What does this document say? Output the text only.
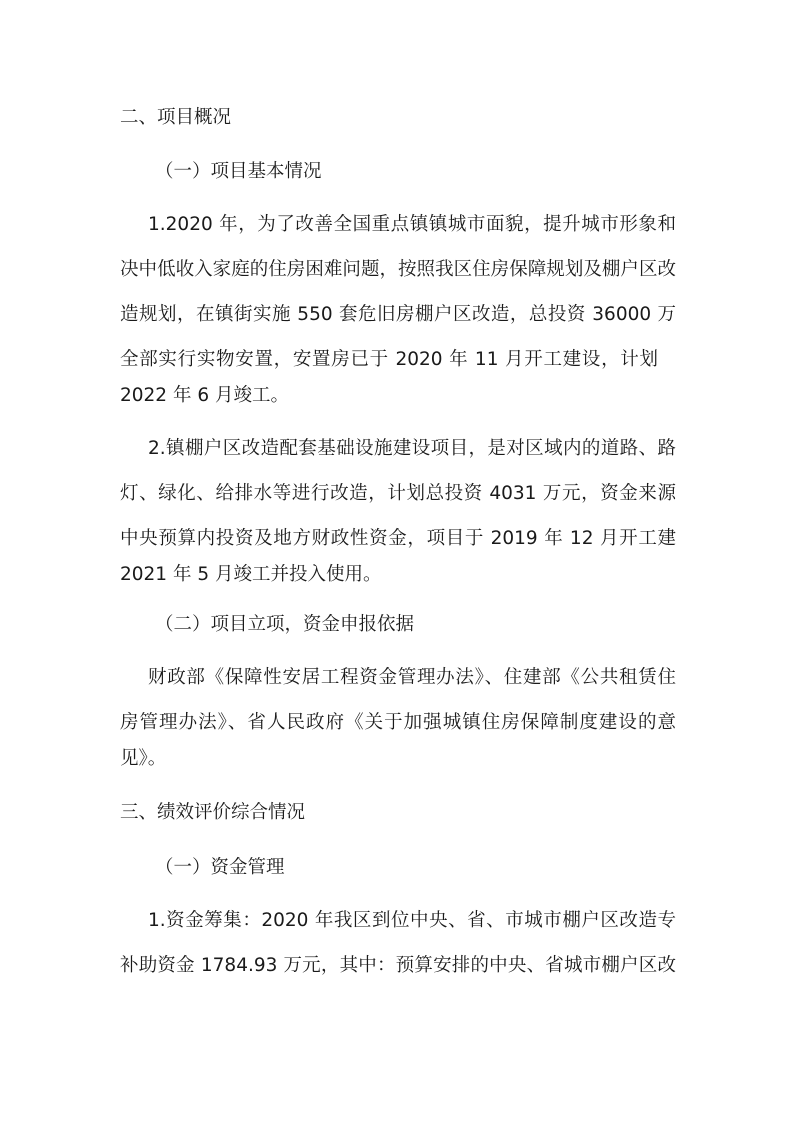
二、项目概况
（一）项目基本情况
1.2020 年，为了改善全国重点镇镇城市面貌，提升城市形象和
决中低收入家庭的住房困难问题，按照我区住房保障规划及棚户区改
造规划，在镇街实施 550 套危旧房棚户区改造，总投资 36000 万
全部实行实物安置，安置房已于 2020 年 11 月开工建设，计划
2022 年 6 月竣工。
2.镇棚户区改造配套基础设施建设项目，是对区域内的道路、路
灯、绿化、给排水等进行改造，计划总投资 4031 万元，资金来源
中央预算内投资及地方财政性资金，项目于 2019 年 12 月开工建
2021 年 5 月竣工并投入使用。
（二）项目立项，资金申报依据
财政部《保障性安居工程资金管理办法》、住建部《公共租赁住
房管理办法》、省人民政府《关于加强城镇住房保障制度建设的意
见》。
三、绩效评价综合情况
（一）资金管理
1.资金筹集：2020 年我区到位中央、省、市城市棚户区改造专
补助资金 1784.93 万元，其中：预算安排的中央、省城市棚户区改
